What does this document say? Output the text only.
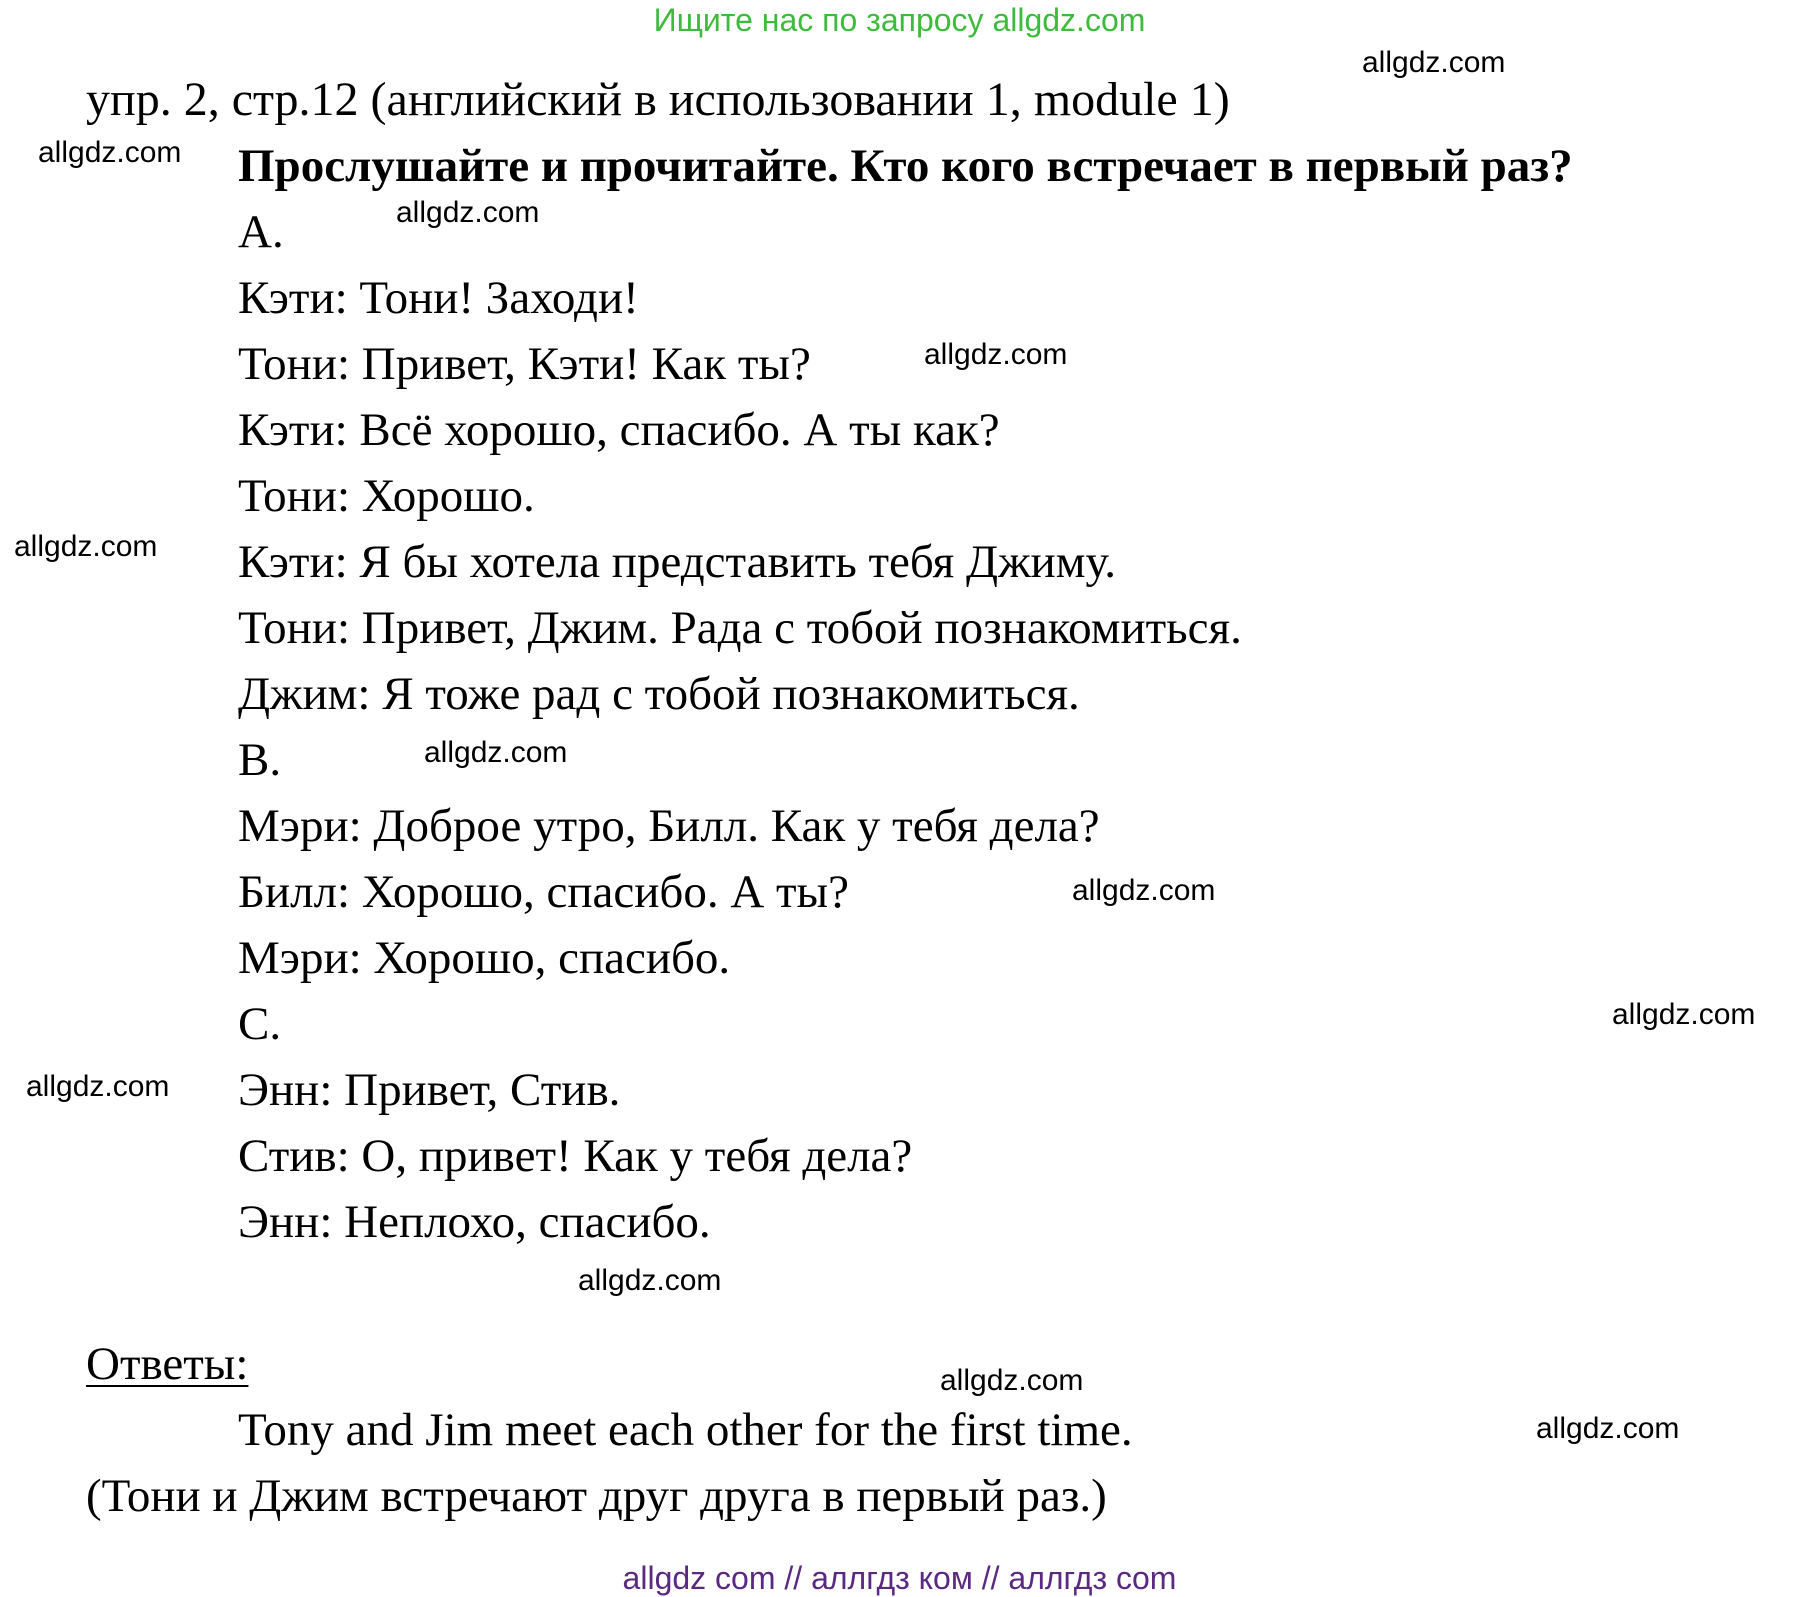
Ищите нас по запросу allgdz.com
упр. 2, стр.12 (английский в использовании 1, module 1)
Прослушайте и прочитайте. Кто кого встречает в первый раз?
А.
Кэти: Тони! Заходи!
Тони: Привет, Кэти! Как ты?
Кэти: Всё хорошо, спасибо. А ты как?
Тони: Хорошо.
Кэти: Я бы хотела представить тебя Джиму.
Тони: Привет, Джим. Рада с тобой познакомиться.
Джим: Я тоже рад с тобой познакомиться.
В.
Мэри: Доброе утро, Билл. Как у тебя дела?
Билл: Хорошо, спасибо. А ты?
Мэри: Хорошо, спасибо.
С.
Энн: Привет, Стив.
Стив: О, привет! Как у тебя дела?
Энн: Неплохо, спасибо.
Ответы:
Tony and Jim meet each other for the first time.
(Тони и Джим встречают друг друга в первый раз.)
allgdz.com
allgdz.com
allgdz.com
allgdz.com
allgdz.com
allgdz.com
allgdz.com
allgdz.com
allgdz.com
allgdz.com
allgdz.com
allgdz.com
allgdz com // аллгдз ком // аллгдз com
